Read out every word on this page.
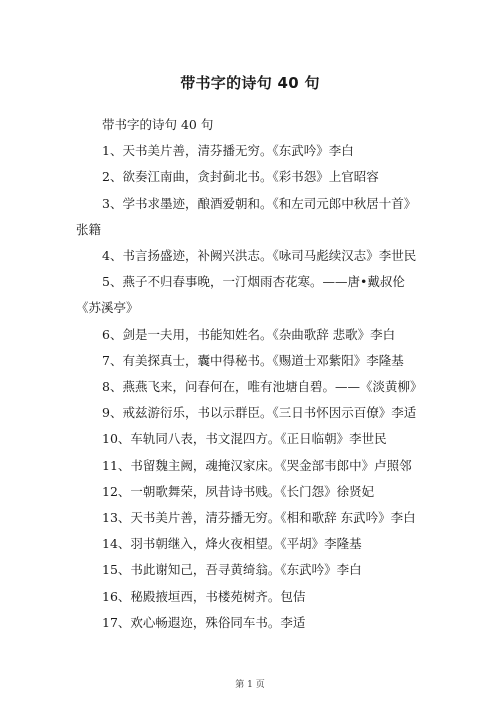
带书字的诗句 40 句

带书字的诗句 40 句

1、天书美片善，清芬播无穷。《东武吟》李白

2、欲奏江南曲，贪封蓟北书。《彩书怨》上官昭容

3、学书求墨迹，酿酒爱朝和。《和左司元郎中秋居十首》张籍

4、书言扬盛迹，补阙兴洪志。《咏司马彪续汉志》李世民

5、燕子不归春事晚，一汀烟雨杏花寒。——唐•戴叔伦《苏溪亭》

6、剑是一夫用，书能知姓名。《杂曲歌辞 悲歌》李白

7、有美探真士，囊中得秘书。《赐道士邓紫阳》李隆基

8、燕燕飞来，问春何在，唯有池塘自碧。——《淡黄柳》

9、戒兹游衍乐，书以示群臣。《三日书怀因示百僚》李适

10、车轨同八表，书文混四方。《正日临朝》李世民

11、书留魏主阙，魂掩汉家床。《哭金部韦郎中》卢照邻

12、一朝歌舞荣，夙昔诗书贱。《长门怨》徐贤妃

13、天书美片善，清芬播无穷。《相和歌辞 东武吟》李白

14、羽书朝继入，烽火夜相望。《平胡》李隆基

15、书此谢知己，吾寻黄绮翁。《东武吟》李白

16、秘殿掖垣西，书楼苑树齐。包佶

17、欢心畅遐迩，殊俗同车书。李适

第 1 页
